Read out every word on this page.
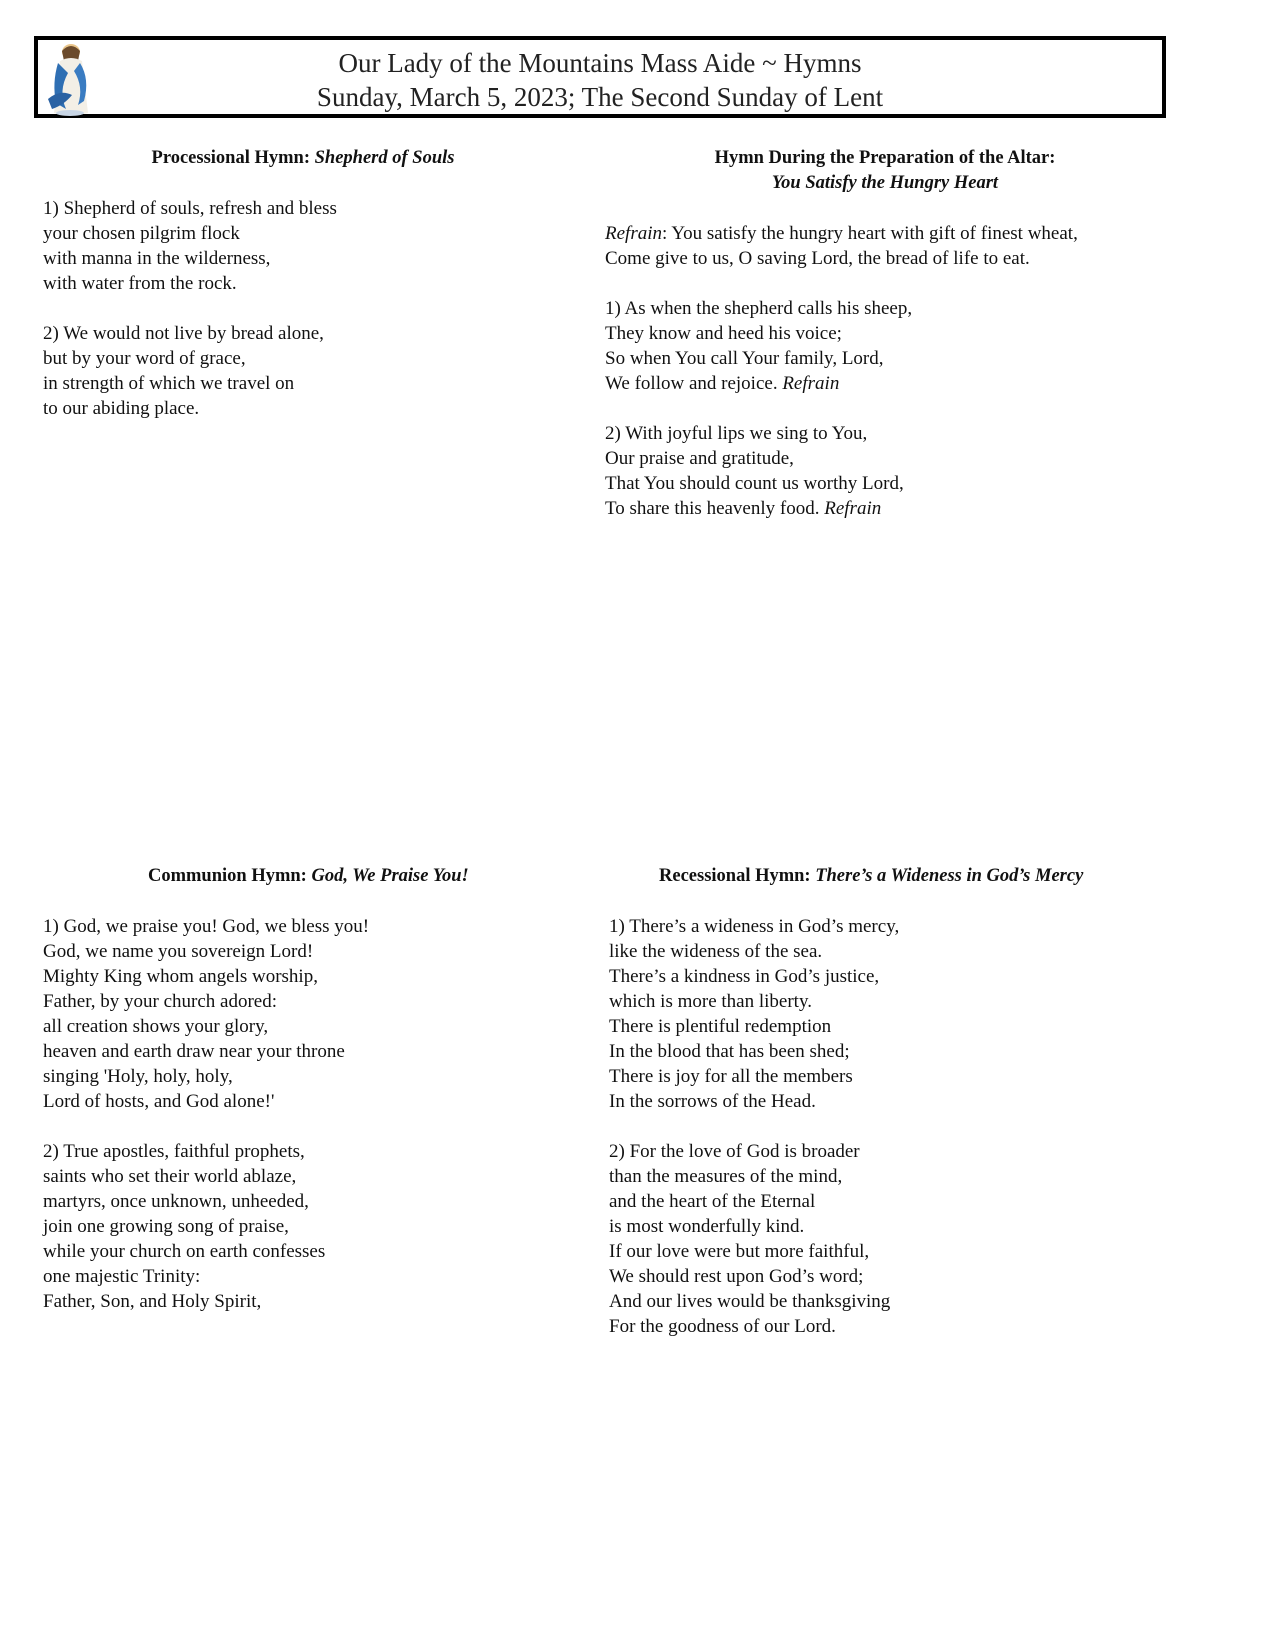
Our Lady of the Mountains Mass Aide ~ Hymns
Sunday, March 5, 2023; The Second Sunday of Lent
Processional Hymn: Shepherd of Souls
1) Shepherd of souls, refresh and bless
your chosen pilgrim flock
with manna in the wilderness,
with water from the rock.
2) We would not live by bread alone,
but by your word of grace,
in strength of which we travel on
to our abiding place.
Hymn During the Preparation of the Altar:
You Satisfy the Hungry Heart
Refrain: You satisfy the hungry heart with gift of finest wheat,
Come give to us, O saving Lord, the bread of life to eat.
1) As when the shepherd calls his sheep,
They know and heed his voice;
So when You call Your family, Lord,
We follow and rejoice. Refrain
2) With joyful lips we sing to You,
Our praise and gratitude,
That You should count us worthy Lord,
To share this heavenly food. Refrain
Communion Hymn: God, We Praise You!
1) God, we praise you! God, we bless you!
God, we name you sovereign Lord!
Mighty King whom angels worship,
Father, by your church adored:
all creation shows your glory,
heaven and earth draw near your throne
singing 'Holy, holy, holy,
Lord of hosts, and God alone!'
2) True apostles, faithful prophets,
saints who set their world ablaze,
martyrs, once unknown, unheeded,
join one growing song of praise,
while your church on earth confesses
one majestic Trinity:
Father, Son, and Holy Spirit,
Recessional Hymn: There’s a Wideness in God’s Mercy
1) There’s a wideness in God’s mercy,
like the wideness of the sea.
There’s a kindness in God’s justice,
which is more than liberty.
There is plentiful redemption
In the blood that has been shed;
There is joy for all the members
In the sorrows of the Head.
2) For the love of God is broader
than the measures of the mind,
and the heart of the Eternal
is most wonderfully kind.
If our love were but more faithful,
We should rest upon God’s word;
And our lives would be thanksgiving
For the goodness of our Lord.
